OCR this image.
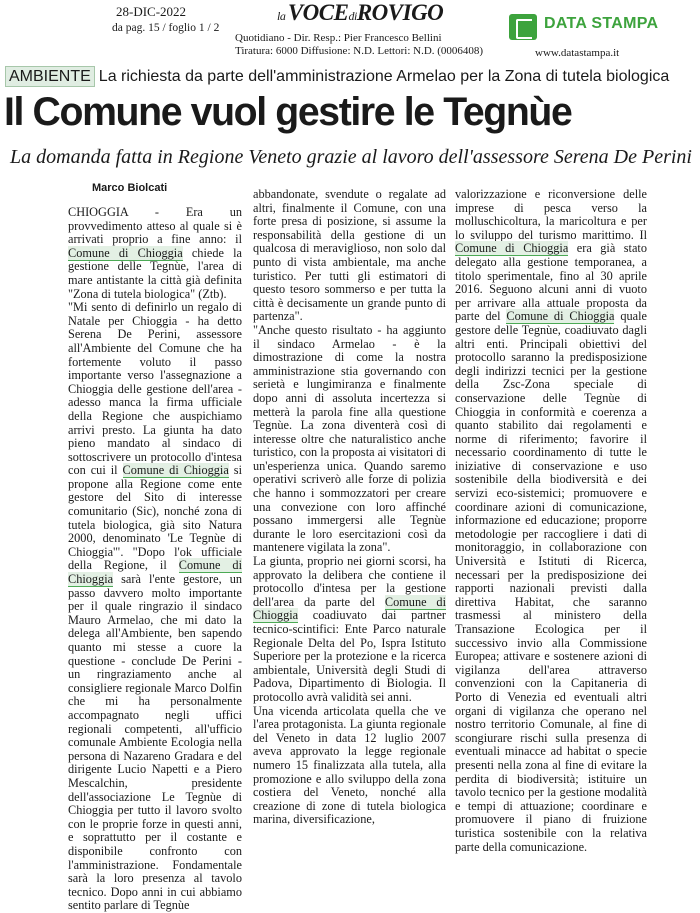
28-DIC-2022
da pag. 15 / foglio 1 / 2
la VOCEdiROVIGO
Quotidiano - Dir. Resp.: Pier Francesco Bellini
Tiratura: 6000 Diffusione: N.D. Lettori: N.D. (0006408)
DATA STAMPA
www.datastampa.it
AMBIENTE La richiesta da parte dell'amministrazione Armelao per la Zona di tutela biologica
Il Comune vuol gestire le Tegnùe
La domanda fatta in Regione Veneto grazie al lavoro dell'assessore Serena De Perini
Marco Biolcati

CHIOGGIA - Era un provvedimento atteso al quale si è arrivati proprio a fine anno: il Comune di Chioggia chiede la gestione delle Tegnùe, l'area di mare antistante la città già definita "Zona di tutela biologica" (Ztb).

"Mi sento di definirlo un regalo di Natale per Chioggia - ha detto Serena De Perini, assessore all'Ambiente del Comune che ha fortemente voluto il passo importante verso l'assegnazione a Chioggia delle gestione dell'area - adesso manca la firma ufficiale della Regione che auspichiamo arrivi presto. La giunta ha dato pieno mandato al sindaco di sottoscrivere un protocollo d'intesa con cui il Comune di Chioggia si propone alla Regione come ente gestore del Sito di interesse comunitario (Sic), nonché zona di tutela biologica, già sito Natura 2000, denominato 'Le Tegnùe di Chioggia'". "Dopo l'ok ufficiale della Regione, il Comune di Chioggia sarà l'ente gestore, un passo davvero molto importante per il quale ringrazio il sindaco Mauro Armelao, che mi dato la delega all'Ambiente, ben sapendo quanto mi stesse a cuore la questione - conclude De Perini - un ringraziamento anche al consigliere regionale Marco Dolfin che mi ha personalmente accompagnato negli uffici regionali competenti, all'ufficio comunale Ambiente Ecologia nella persona di Nazareno Gradara e del dirigente Lucio Napetti e a Piero Mescalchin, presidente dell'associazione Le Tegnùe di Chioggia per tutto il lavoro svolto con le proprie forze in questi anni, e soprattutto per il costante e disponibile confronto con l'amministrazione. Fondamentale sarà la loro presenza al tavolo tecnico. Dopo anni in cui abbiamo sentito parlare di Tegnùe

abbandonate, svendute o regalate ad altri, finalmente il Comune, con una forte presa di posizione, si assume la responsabilità della gestione di un qualcosa di meraviglioso, non solo dal punto di vista ambientale, ma anche turistico. Per tutti gli estimatori di questo tesoro sommerso e per tutta la città è decisamente un grande punto di partenza".

"Anche questo risultato - ha aggiunto il sindaco Armelao - è la dimostrazione di come la nostra amministrazione stia governando con serietà e lungimiranza e finalmente dopo anni di assoluta incertezza si metterà la parola fine alla questione Tegnùe. La zona diventerà così di interesse oltre che naturalistico anche turistico, con la proposta ai visitatori di un'esperienza unica. Quando saremo operativi scriverò alle forze di polizia che hanno i sommozzatori per creare una convezione con loro affinché possano immergersi alle Tegnùe durante le loro esercitazioni così da mantenere vigilata la zona".

La giunta, proprio nei giorni scorsi, ha approvato la delibera che contiene il protocollo d'intesa per la gestione dell'area da parte del Comune di Chioggia coadiuvato dai partner tecnico-scintifici: Ente Parco naturale Regionale Delta del Po, Ispra Istituto Superiore per la protezione e la ricerca ambientale, Università degli Studi di Padova, Dipartimento di Biologia. Il protocollo avrà validità sei anni.

Una vicenda articolata quella che ve l'area protagonista. La giunta regionale del Veneto in data 12 luglio 2007 aveva approvato la legge regionale numero 15 finalizzata alla tutela, alla promozione e allo sviluppo della zona costiera del Veneto, nonché alla creazione di zone di tutela biologica marina, diversificazione,

valorizzazione e riconversione delle imprese di pesca verso la molluschicoltura, la maricoltura e per lo sviluppo del turismo marittimo. Il Comune di Chioggia era già stato delegato alla gestione temporanea, a titolo sperimentale, fino al 30 aprile 2016. Seguono alcuni anni di vuoto per arrivare alla attuale proposta da parte del Comune di Chioggia quale gestore delle Tegnùe, coadiuvato dagli altri enti. Principali obiettivi del protocollo saranno la predisposizione degli indirizzi tecnici per la gestione della Zsc-Zona speciale di conservazione delle Tegnùe di Chioggia in conformità e coerenza a quanto stabilito dai regolamenti e norme di riferimento; favorire il necessario coordinamento di tutte le iniziative di conservazione e uso sostenibile della biodiversità e dei servizi eco-sistemici; promuovere e coordinare azioni di comunicazione, informazione ed educazione; proporre metodologie per raccogliere i dati di monitoraggio, in collaborazione con Università e Istituti di Ricerca, necessari per la predisposizione dei rapporti nazionali previsti dalla direttiva Habitat, che saranno trasmessi al ministero della Transazione Ecologica per il successivo invio alla Commissione Europea; attivare e sostenere azioni di vigilanza dell'area attraverso convenzioni con la Capitaneria di Porto di Venezia ed eventuali altri organi di vigilanza che operano nel nostro territorio Comunale, al fine di scongiurare rischi sulla presenza di eventuali minacce ad habitat o specie presenti nella zona al fine di evitare la perdita di biodiversità; istituire un tavolo tecnico per la gestione modalità e tempi di attuazione; coordinare e promuovere il piano di fruizione turistica sostenibile con la relativa parte della comunicazione.
